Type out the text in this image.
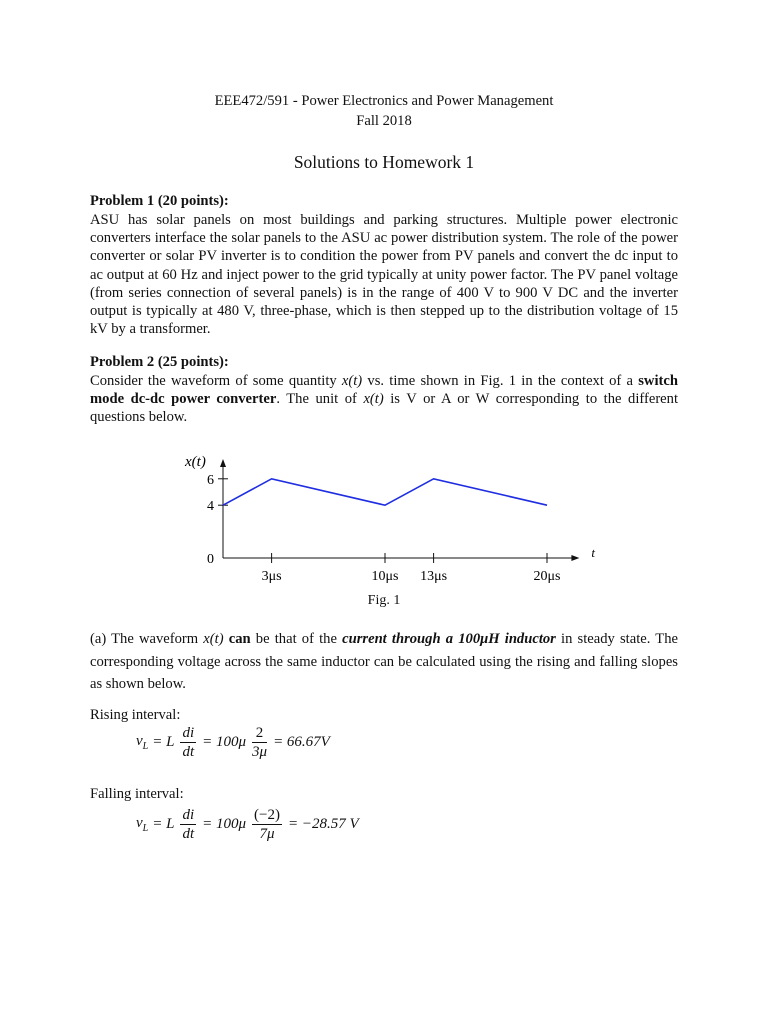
EEE472/591 - Power Electronics and Power Management
Fall 2018
Solutions to Homework 1
Problem 1 (20 points):
ASU has solar panels on most buildings and parking structures. Multiple power electronic converters interface the solar panels to the ASU ac power distribution system. The role of the power converter or solar PV inverter is to condition the power from PV panels and convert the dc input to ac output at 60 Hz and inject power to the grid typically at unity power factor. The PV panel voltage (from series connection of several panels) is in the range of 400 V to 900 V DC and the inverter output is typically at 480 V, three-phase, which is then stepped up to the distribution voltage of 15 kV by a transformer.
Problem 2 (25 points):
Consider the waveform of some quantity x(t) vs. time shown in Fig. 1 in the context of a switch mode dc-dc power converter. The unit of x(t) is V or A or W corresponding to the different questions below.
x(t)
t
0
4
6
3μs	10μs 13μs	20μs
Fig. 1
(a) The waveform x(t) can be that of the current through a 100μH inductor in steady state. The corresponding voltage across the same inductor can be calculated using the rising and falling slopes as shown below.
Rising interval:
$v_L = L \frac{di}{dt} = 100\mu \frac{2}{3\mu} = 66.67V$
Falling interval:
$v_L = L \frac{di}{dt} = 100\mu \frac{(-2)}{7\mu} = -28.57$ V
